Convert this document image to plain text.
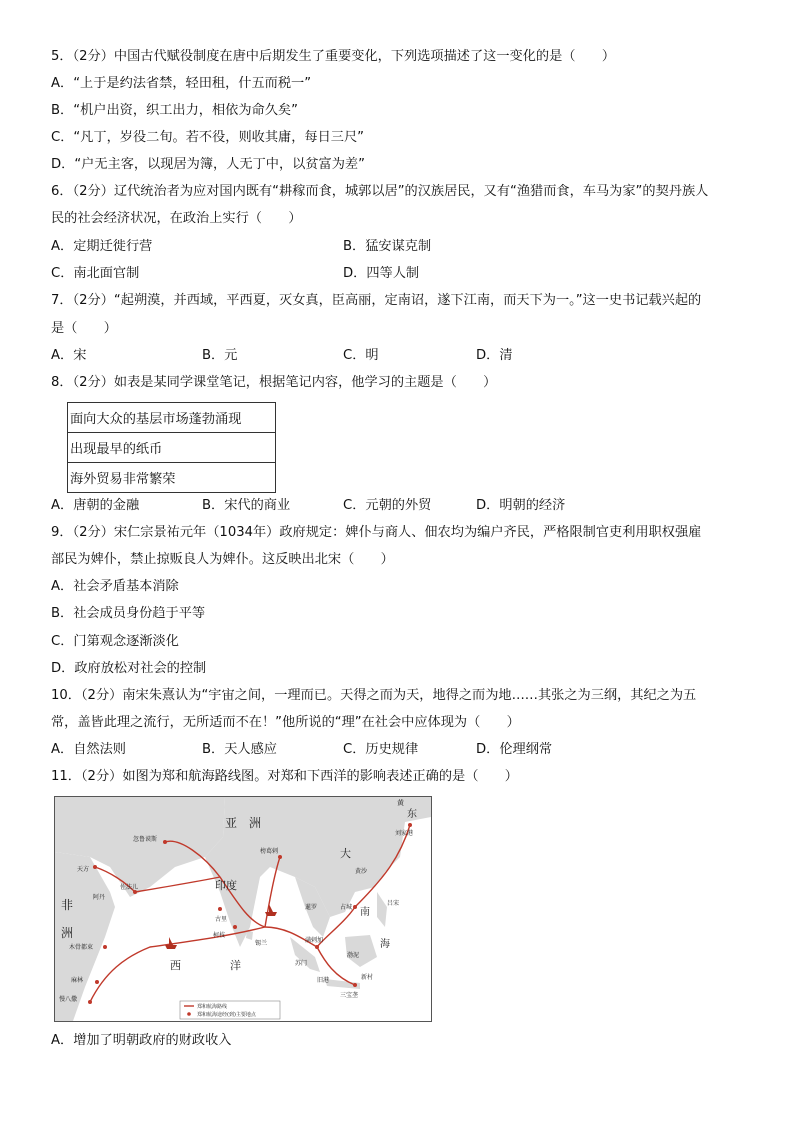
5．（2分）中国古代赋役制度在唐中后期发生了重要变化，下列选项描述了这一变化的是（　　）
A．“上于是约法省禁，轻田租，什五而税一”
B．“机户出资，织工出力，相依为命久矣”
C．“凡丁，岁役二旬。若不役，则收其庸，每日三尺”
D．“户无主客，以现居为簿，人无丁中，以贫富为差”
6．（2分）辽代统治者为应对国内既有“耕稼而食，城郭以居”的汉族居民，又有“渔猎而食，车马为家”的契丹族人
民的社会经济状况，在政治上实行（　　）
A．定期迁徙行营	B．猛安谋克制
C．南北面官制	D．四等人制
7．（2分）“起朔漠，并西域，平西夏，灭女真，臣高丽，定南诏，遂下江南，而天下为一。”这一史书记载兴起的
是（　　）
A．宋	B．元	C．明	D．清
8．（2分）如表是某同学课堂笔记，根据笔记内容，他学习的主题是（　　）
面向大众的基层市场蓬勃涌现
出现最早的纸币
海外贸易非常繁荣
A．唐朝的金融	B．宋代的商业	C．元朝的外贸	D．明朝的经济
9．（2分）宋仁宗景祐元年（1034年）政府规定：婢仆与商人、佃农均为编户齐民，严格限制官吏利用职权强雇
部民为婢仆，禁止掠贩良人为婢仆。这反映出北宋（　　）
A．社会矛盾基本消除
B．社会成员身份趋于平等
C．门第观念逐渐淡化
D．政府放松对社会的控制
10．（2分）南宋朱熹认为“宇宙之间，一理而已。天得之而为天，地得之而为地……其张之为三纲，其纪之为五
常，盖皆此理之流行，无所适而不在！”他所说的“理”在社会中应体现为（　　）
A．自然法则	B．天人感应	C．历史规律	D．伦理纲常
11．（2分）如图为郑和航海路线图。对郑和下西洋的影响表述正确的是（　　）
亚　洲
非
洲
印度
西	洋
天方
忽鲁谟斯
佐法儿
阿丹
木骨都束
麻林
慢八撒
古里
柯枝
榜葛剌
锡兰
占城
暹罗
满剌加
旧港
苏门
三宝垄
新村
刘家港
东
大
黄
南
海
吕宋
渤泥
黄沙
郑和航海路线
郑和航海途经(到)主要地点
A．增加了明朝政府的财政收入
